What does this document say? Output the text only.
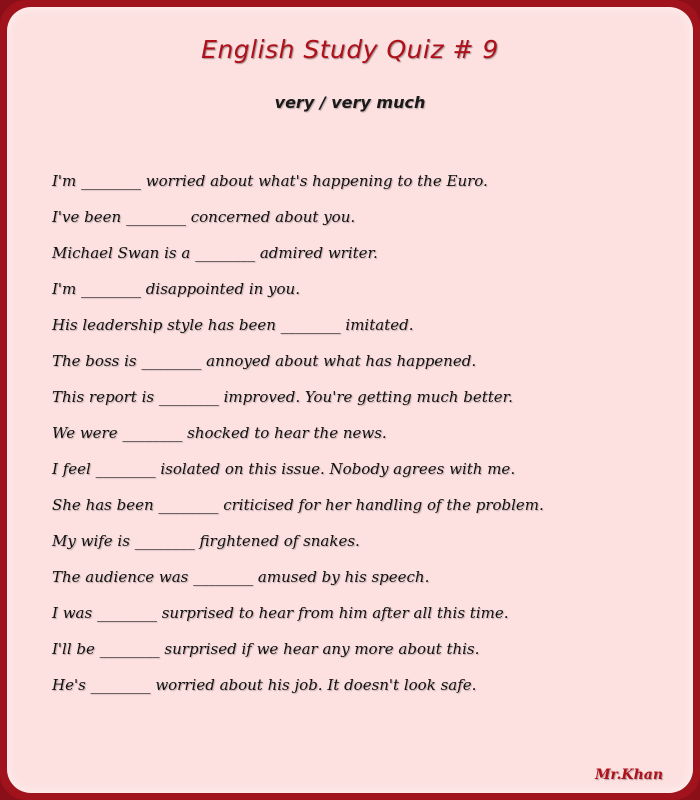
English Study Quiz # 9
very / very much
I'm ________ worried about what's happening to the Euro.
I've been ________ concerned about you.
Michael Swan is a ________ admired writer.
I'm ________ disappointed in you.
His leadership style has been ________ imitated.
The boss is ________ annoyed about what has happened.
This report is ________ improved. You're getting much better.
We were ________ shocked to hear the news.
I feel ________ isolated on this issue. Nobody agrees with me.
She has been ________ criticised for her handling of the problem.
My wife is ________ firghtened of snakes.
The audience was ________ amused by his speech.
I was ________ surprised to hear from him after all this time.
I'll be ________ surprised if we hear any more about this.
He's ________ worried about his job. It doesn't look safe.
Mr.Khan
